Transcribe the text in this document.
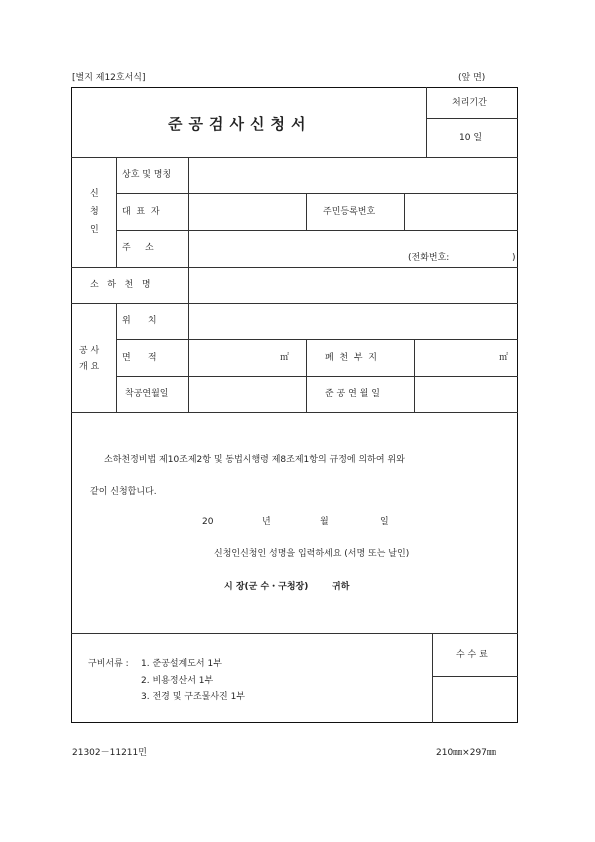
[별지 제12호서식]	(앞 면)
준공검사신청서
처리기간
10 일
신
청
인
상호 및 명칭
대  표  자	주민등록번호
주     소
(전화번호:	)
소   하   천   명
공 사
개 요
위      치
면      적	㎡	폐  천  부  지	㎡
착공연월일	준 공 연 월 일
소하천정비법 제10조제2항 및 동법시행령 제8조제1항의 규정에 의하여 위와
같이 신청합니다.
20	년	월	일
신청인신청인 성명을 입력하세요 (서명 또는 날인)
시 장(군 수・구청장)	귀하
구비서류 : 1. 준공설계도서 1부
2. 비용정산서 1부
3. 전경 및 구조물사진 1부
수 수 료
21302－11211민	210㎜×297㎜
